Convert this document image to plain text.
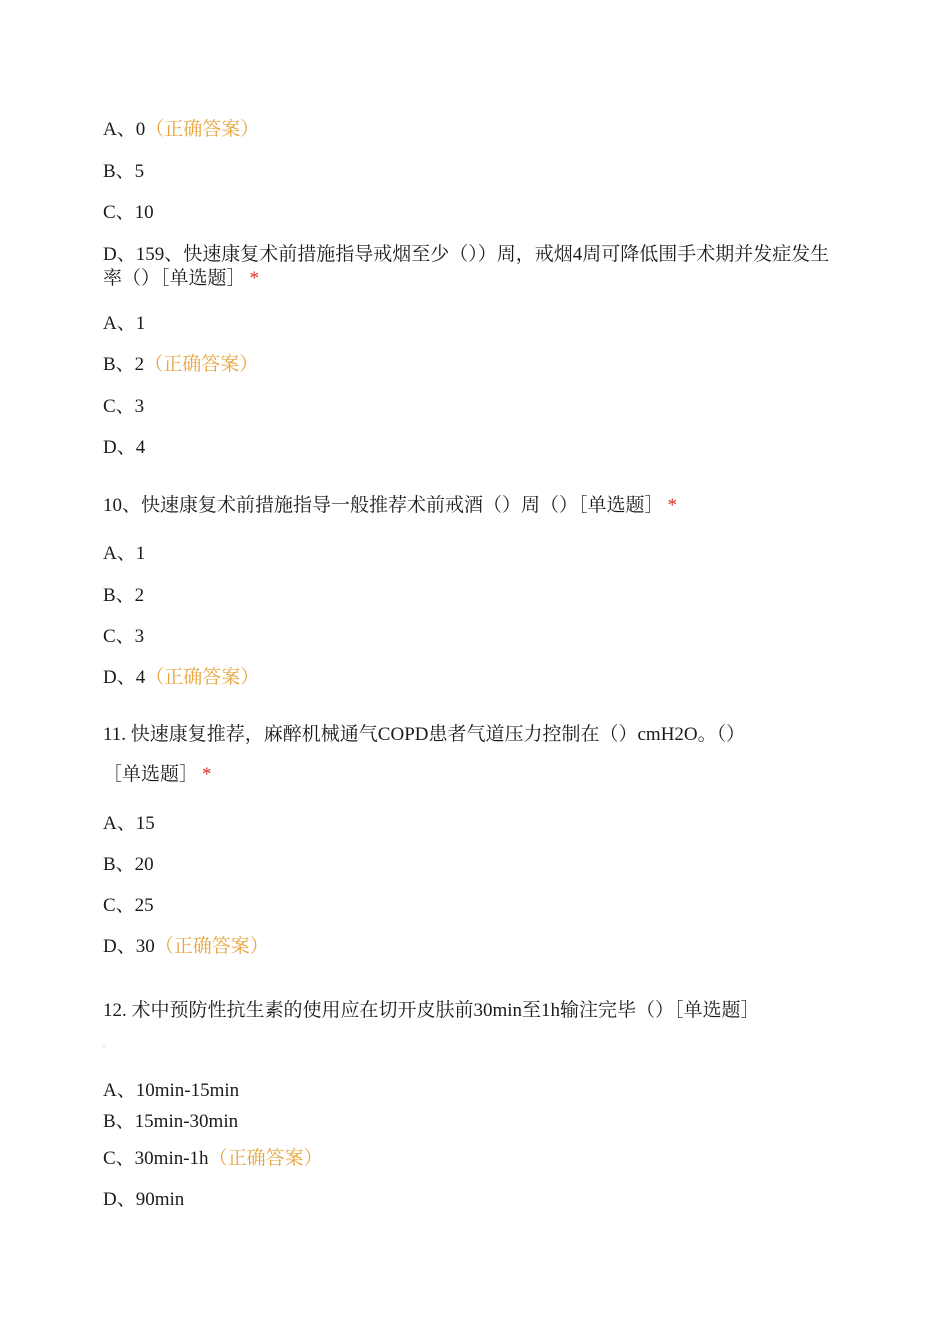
A、0（正确答案）
B、5
C、10
D、159、快速康复术前措施指导戒烟至少（））周，戒烟4周可降低围手术期并发症发生率（）［单选题］ *
A、1
B、2（正确答案）
C、3
D、4
10、快速康复术前措施指导一般推荐术前戒酒（）周（）［单选题］ *
A、1
B、2
C、3
D、4（正确答案）
11. 快速康复推荐，麻醉机械通气COPD患者气道压力控制在（）cmH2O。（）
［单选题］ *
A、15
B、20
C、25
D、30（正确答案）
12. 术中预防性抗生素的使用应在切开皮肤前30min至1h输注完毕（）［单选题］
.
A、10min-15min
B、15min-30min
C、30min-1h（正确答案）
D、90min
